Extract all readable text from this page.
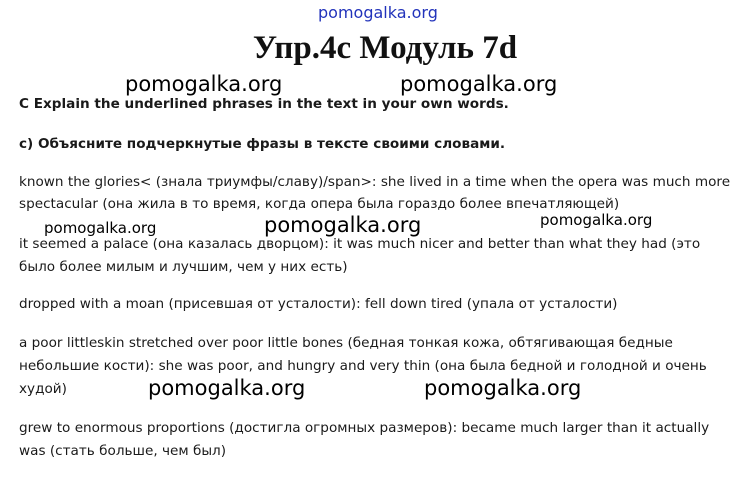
pomogalka.org
Упр.4с Модуль 7d
pomogalka.org	pomogalka.org
pomogalka.org	pomogalka.org	pomogalka.org
pomogalka.org	pomogalka.org
C Explain the underlined phrases in the text in your own words.
с) Объясните подчеркнутые фразы в тексте своими словами.
known the glories< (знала триумфы/славу)/span>: she lived in a time when the opera was much more
spectacular (она жила в то время, когда опера была гораздо более впечатляющей)
it seemed a palace (она казалась дворцом): it was much nicer and better than what they had (это
было более милым и лучшим, чем у них есть)
dropped with a moan (присевшая от усталости): fell down tired (упала от усталости)
a poor littleskin stretched over poor little bones (бедная тонкая кожа, обтягивающая бедные
небольшие кости): she was poor, and hungry and very thin (она была бедной и голодной и очень
худой)
grew to enormous proportions (достигла огромных размеров): became much larger than it actually
was (стать больше, чем был)
